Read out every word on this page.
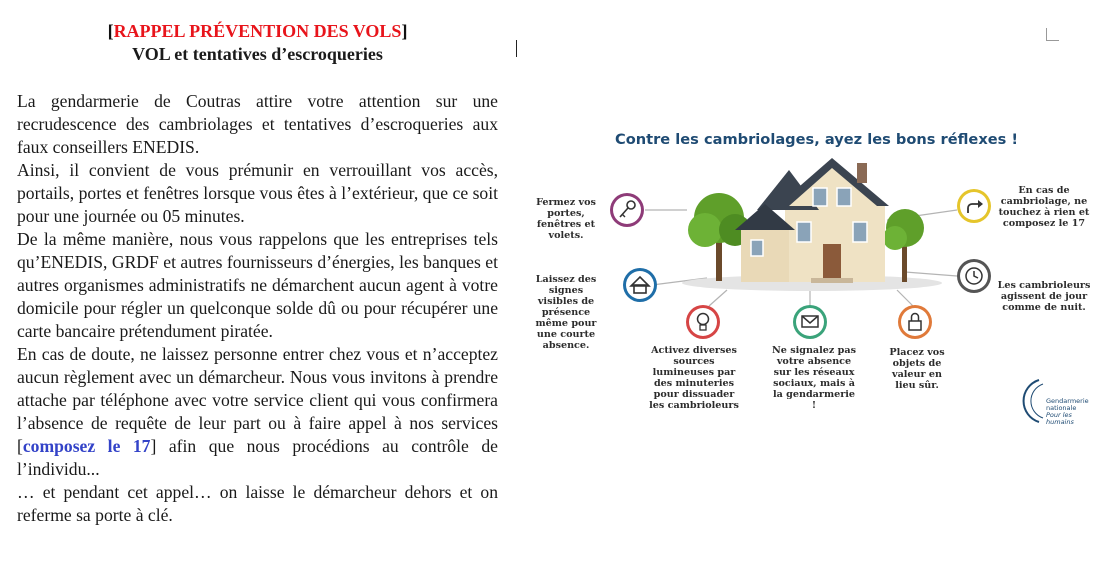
[RAPPEL PRÉVENTION DES VOLS]
VOL et tentatives d’escroqueries

La gendarmerie de Coutras attire votre attention sur une recrudescence des cambriolages et tentatives d’escroqueries aux faux conseillers ENEDIS.

Ainsi, il convient de vous prémunir en verrouillant vos accès, portails, portes et fenêtres lorsque vous êtes à l’extérieur, que ce soit pour une journée ou 05 minutes.

De la même manière, nous vous rappelons que les entreprises tels qu’ENEDIS, GRDF et autres fournisseurs d’énergies, les banques et autres organismes administratifs ne démarchent aucun agent à votre domicile pour régler un quelconque solde dû ou pour récupérer une carte bancaire prétendument piratée.

En cas de doute, ne laissez personne entrer chez vous et n’acceptez aucun règlement avec un démarcheur. Nous vous invitons à prendre attache par téléphone avec votre service client qui vous confirmera l’absence de requête de leur part ou à faire appel à nos services [composez le 17] afin que nous procédions au contrôle de l’individu...

… et pendant cet appel… on laisse le démarcheur dehors et on referme sa porte à clé.

Contre les cambriolages, ayez les bons réflexes !
Fermez vos portes, fenêtres et volets.
Laissez des signes visibles de présence même pour une courte absence.	Activez diverses sources lumineuses par des minuteries pour dissuader les cambrioleurs
Ne signalez pas votre absence sur les réseaux sociaux, mais à la gendarmerie !
Placez vos objets de valeur en lieu sûr.
En cas de cambriolage, ne touchez à rien et composez le 17
Les cambrioleurs agissent de jour comme de nuit.
Gendarmerie
nationale
Pour les humains
